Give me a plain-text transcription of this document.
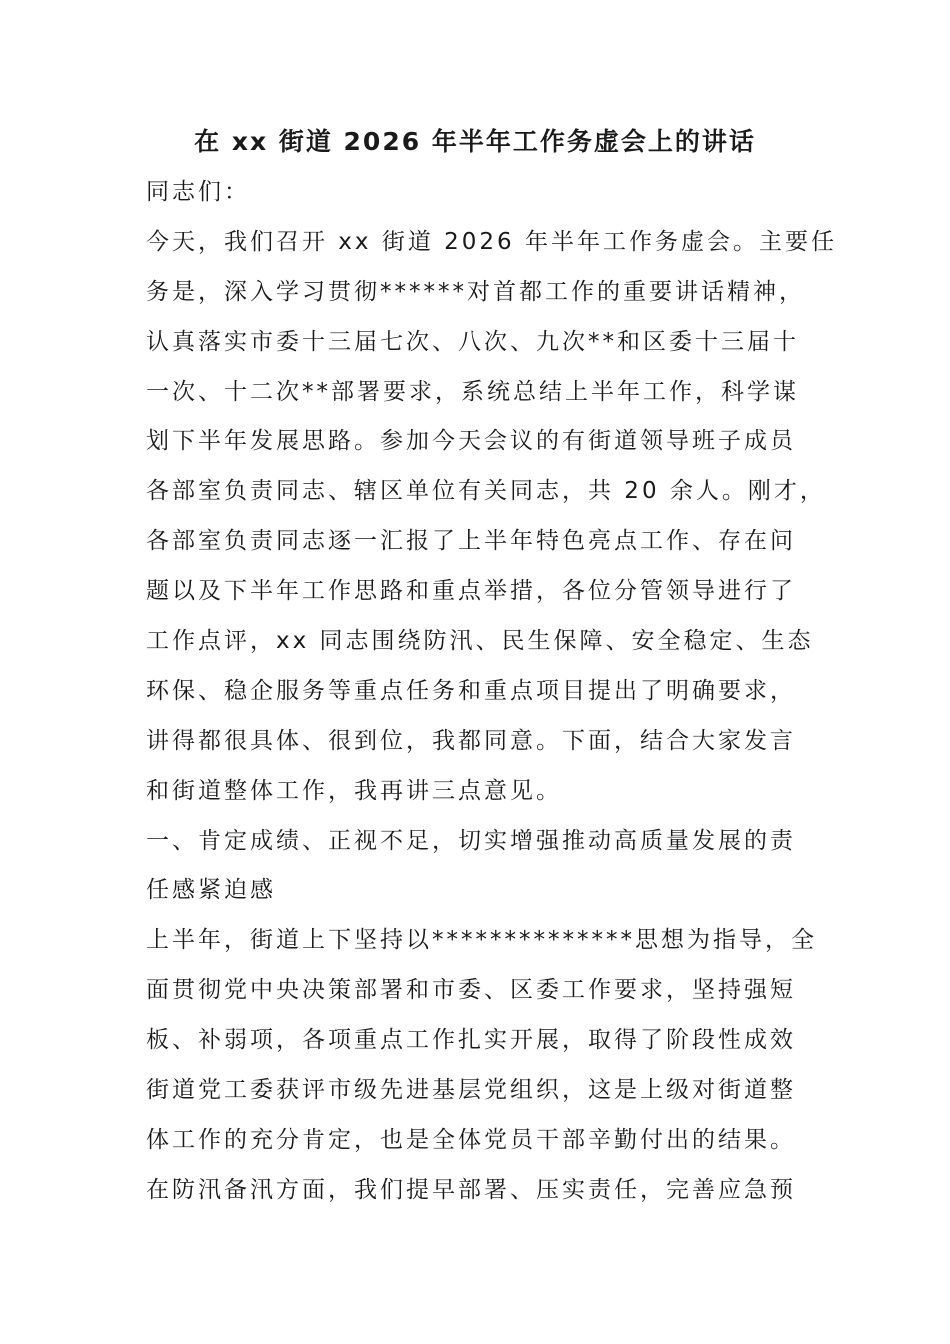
在 xx 街道 2026 年半年工作务虚会上的讲话
同志们：
今天，我们召开 xx 街道 2026 年半年工作务虚会。主要任
务是，深入学习贯彻******对首都工作的重要讲话精神，
认真落实市委十三届七次、八次、九次**和区委十三届十
一次、十二次**部署要求，系统总结上半年工作，科学谋
划下半年发展思路。参加今天会议的有街道领导班子成员
各部室负责同志、辖区单位有关同志，共 20 余人。刚才，
各部室负责同志逐一汇报了上半年特色亮点工作、存在问
题以及下半年工作思路和重点举措，各位分管领导进行了
工作点评，xx 同志围绕防汛、民生保障、安全稳定、生态
环保、稳企服务等重点任务和重点项目提出了明确要求，
讲得都很具体、很到位，我都同意。下面，结合大家发言
和街道整体工作，我再讲三点意见。
一、肯定成绩、正视不足，切实增强推动高质量发展的责
任感紧迫感
上半年，街道上下坚持以**************思想为指导，全
面贯彻党中央决策部署和市委、区委工作要求，坚持强短
板、补弱项，各项重点工作扎实开展，取得了阶段性成效
街道党工委获评市级先进基层党组织，这是上级对街道整
体工作的充分肯定，也是全体党员干部辛勤付出的结果。
在防汛备汛方面，我们提早部署、压实责任，完善应急预
